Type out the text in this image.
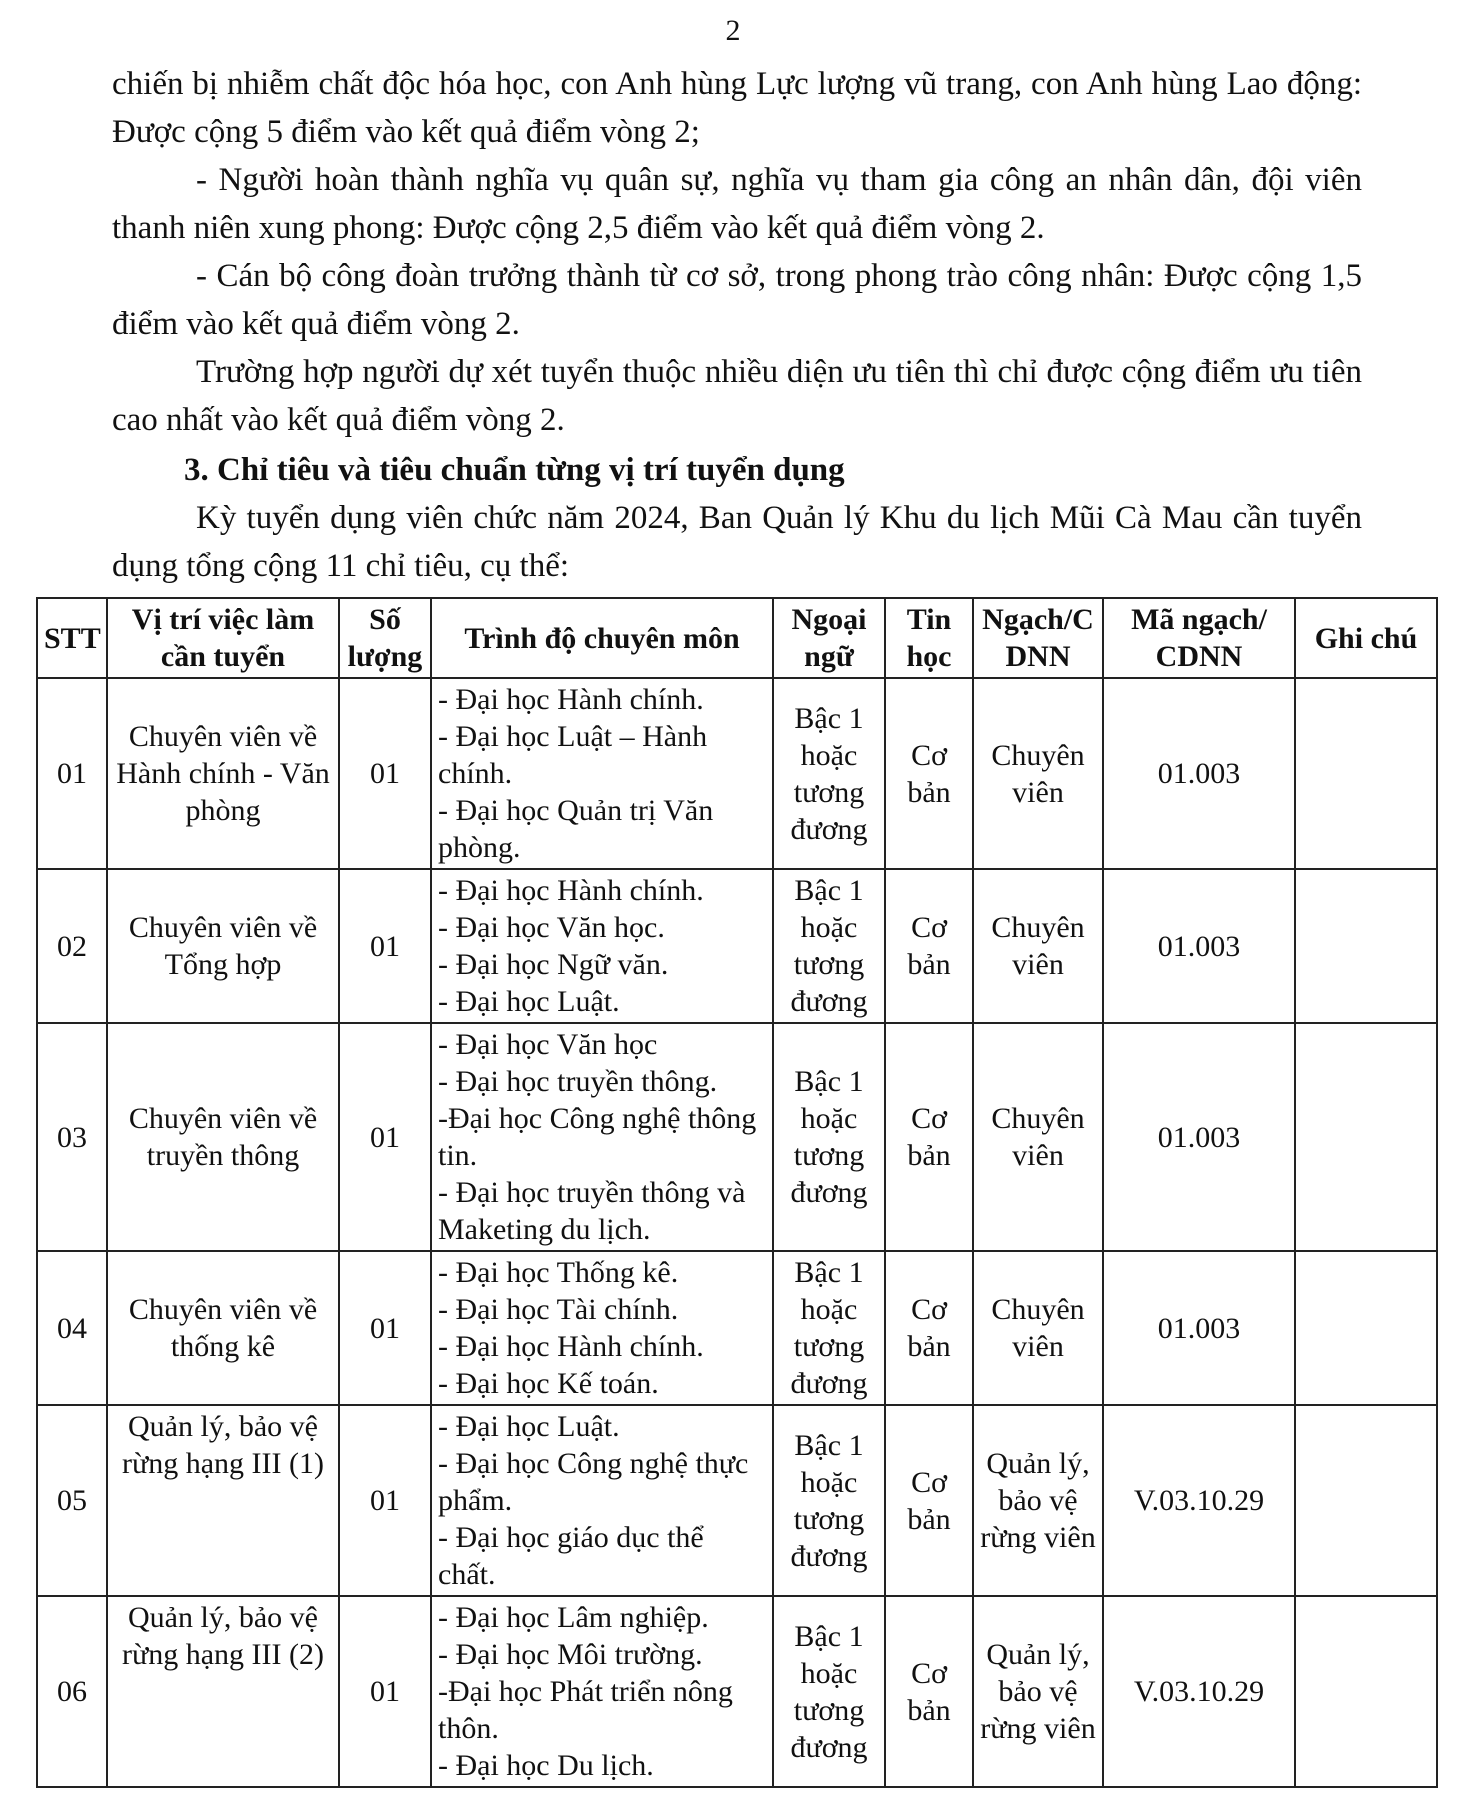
2

chiến bị nhiễm chất độc hóa học, con Anh hùng Lực lượng vũ trang, con Anh hùng Lao động: Được cộng 5 điểm vào kết quả điểm vòng 2;

- Người hoàn thành nghĩa vụ quân sự, nghĩa vụ tham gia công an nhân dân, đội viên thanh niên xung phong: Được cộng 2,5 điểm vào kết quả điểm vòng 2.

- Cán bộ công đoàn trưởng thành từ cơ sở, trong phong trào công nhân: Được cộng 1,5 điểm vào kết quả điểm vòng 2.

Trường hợp người dự xét tuyển thuộc nhiều diện ưu tiên thì chỉ được cộng điểm ưu tiên cao nhất vào kết quả điểm vòng 2.

3. Chỉ tiêu và tiêu chuẩn từng vị trí tuyển dụng

Kỳ tuyển dụng viên chức năm 2024, Ban Quản lý Khu du lịch Mũi Cà Mau cần tuyển dụng tổng cộng 11 chỉ tiêu, cụ thể:

STT	Vị trí việc làm cần tuyển	Số lượng	Trình độ chuyên môn	Ngoại ngữ	Tin học	Ngạch/CDNN	Mã ngạch/ CDNN	Ghi chú
01	Chuyên viên về Hành chính - Văn phòng	01	- Đại học Hành chính.
- Đại học Luật – Hành chính.
- Đại học Quản trị Văn phòng.	Bậc 1 hoặc tương đương	Cơ bản	Chuyên viên	01.003	
02	Chuyên viên về Tổng hợp	01	- Đại học Hành chính.
- Đại học Văn học.
- Đại học Ngữ văn.
- Đại học Luật.	Bậc 1 hoặc tương đương	Cơ bản	Chuyên viên	01.003	
03	Chuyên viên về truyền thông	01	- Đại học Văn học
- Đại học truyền thông.
-Đại học Công nghệ thông tin.
- Đại học truyền thông và Maketing du lịch.	Bậc 1 hoặc tương đương	Cơ bản	Chuyên viên	01.003	
04	Chuyên viên về thống kê	01	- Đại học Thống kê.
- Đại học Tài chính.
- Đại học Hành chính.
- Đại học Kế toán.	Bậc 1 hoặc tương đương	Cơ bản	Chuyên viên	01.003	
05	Quản lý, bảo vệ rừng hạng III (1)	01	- Đại học Luật.
- Đại học Công nghệ thực phẩm.
- Đại học giáo dục thể chất.	Bậc 1 hoặc tương đương	Cơ bản	Quản lý, bảo vệ rừng viên	V.03.10.29	
06	Quản lý, bảo vệ rừng hạng III (2)	01	- Đại học Lâm nghiệp.
- Đại học Môi trường.
-Đại học Phát triển nông thôn.
- Đại học Du lịch.	Bậc 1 hoặc tương đương	Cơ bản	Quản lý, bảo vệ rừng viên	V.03.10.29	
